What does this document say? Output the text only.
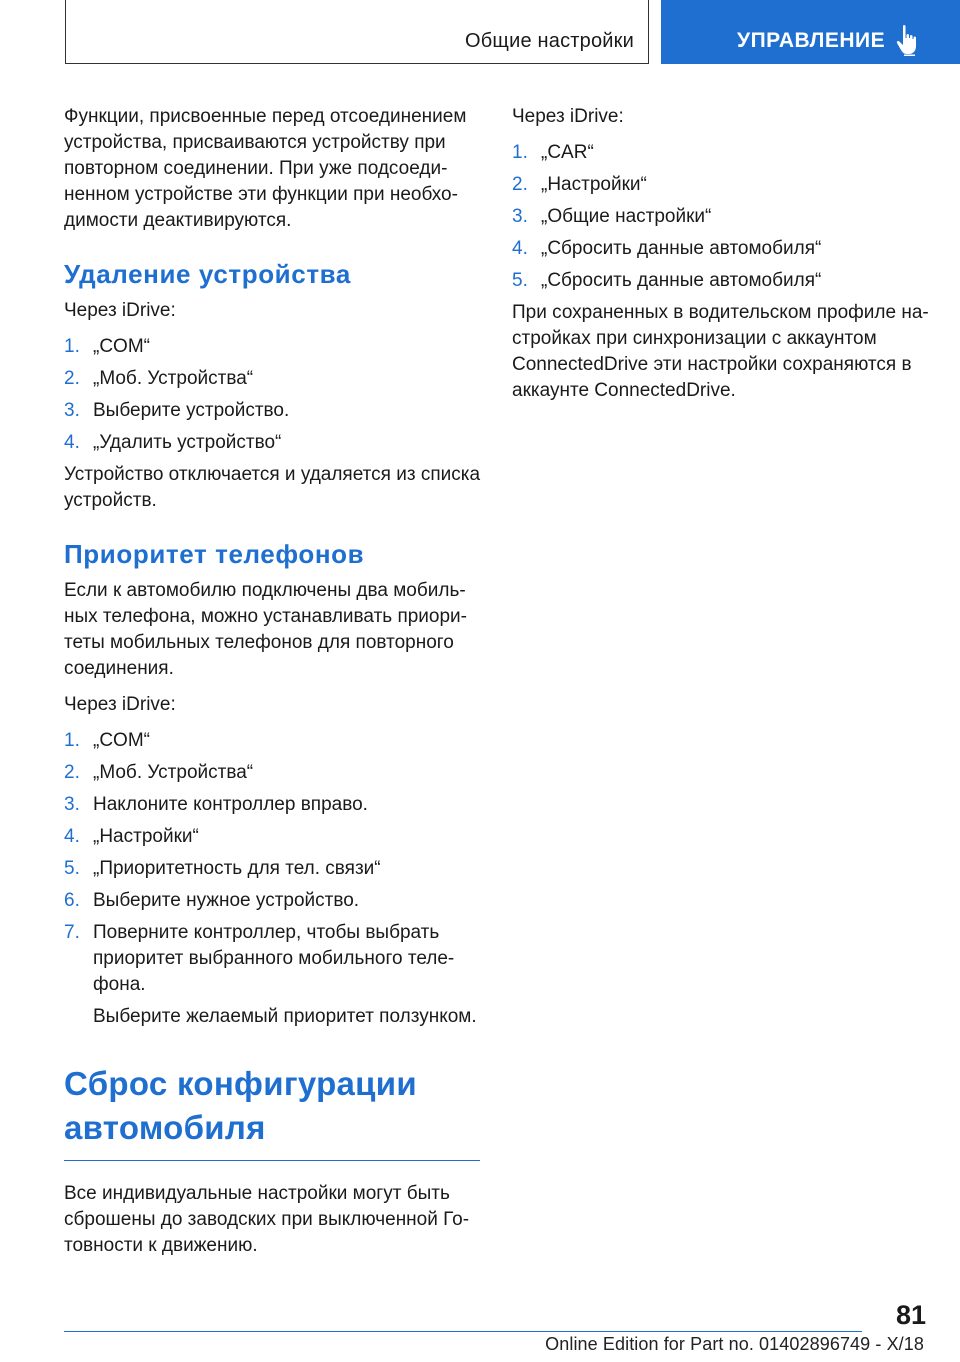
Общие настройки	УПРАВЛЕНИЕ

Функции, присвоенные перед отсоединением устройства, присваиваются устройству при повторном соединении. При уже подсоединенном устройстве эти функции при необходимости деактивируются.

Удаление устройства

Через iDrive:

1. „COM“
2. „Моб. Устройства“
3. Выберите устройство.
4. „Удалить устройство“

Устройство отключается и удаляется из списка устройств.

Приоритет телефонов

Если к автомобилю подключены два мобильных телефона, можно устанавливать приоритеты мобильных телефонов для повторного соединения.

Через iDrive:

1. „COM“
2. „Моб. Устройства“
3. Наклоните контроллер вправо.
4. „Настройки“
5. „Приоритетность для тел. связи“
6. Выберите нужное устройство.
7. Поверните контроллер, чтобы выбрать приоритет выбранного мобильного телефона.

Выберите желаемый приоритет ползунком.

Сброс конфигурации автомобиля

Все индивидуальные настройки могут быть сброшены до заводских при выключенной Готовности к движению.

Через iDrive:

1. „CAR“
2. „Настройки“
3. „Общие настройки“
4. „Сбросить данные автомобиля“
5. „Сбросить данные автомобиля“

При сохраненных в водительском профиле настройках при синхронизации с аккаунтом ConnectedDrive эти настройки сохраняются в аккаунте ConnectedDrive.

81
Online Edition for Part no. 01402896749 - X/18
